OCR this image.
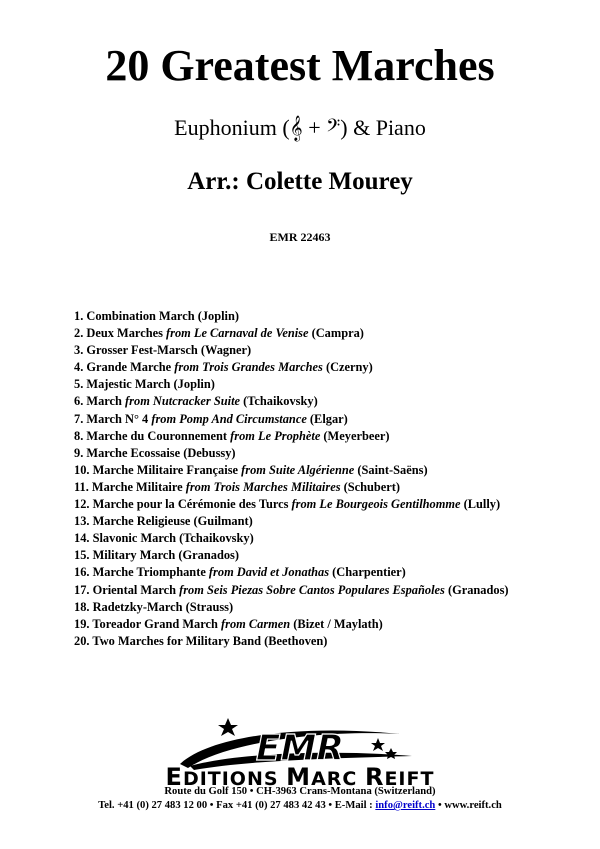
20 Greatest Marches
Euphonium (𝄞 + 𝄢) & Piano
Arr.: Colette Mourey
EMR 22463
1. Combination March (Joplin)
2. Deux Marches from Le Carnaval de Venise (Campra)
3. Grosser Fest-Marsch (Wagner)
4. Grande Marche from Trois Grandes Marches (Czerny)
5. Majestic March (Joplin)
6. March from Nutcracker Suite (Tchaikovsky)
7. March N° 4 from Pomp And Circumstance (Elgar)
8. Marche du Couronnement from Le Prophète (Meyerbeer)
9. Marche Ecossaise (Debussy)
10. Marche Militaire Française from Suite Algérienne (Saint-Saëns)
11. Marche Militaire from Trois Marches Militaires (Schubert)
12. Marche pour la Cérémonie des Turcs from Le Bourgeois Gentilhomme (Lully)
13. Marche Religieuse (Guilmant)
14. Slavonic March (Tchaikovsky)
15. Military March (Granados)
16. Marche Triomphante from David et Jonathas (Charpentier)
17. Oriental March from Seis Piezas Sobre Cantos Populares Españoles (Granados)
18. Radetzky-March (Strauss)
19. Toreador Grand March from Carmen (Bizet / Maylath)
20. Two Marches for Military Band (Beethoven)
EMR
EDITIONS MARC REIFT
Route du Golf 150 • CH-3963 Crans-Montana (Switzerland)
Tel. +41 (0) 27 483 12 00 • Fax +41 (0) 27 483 42 43 • E-Mail : info@reift.ch • www.reift.ch
